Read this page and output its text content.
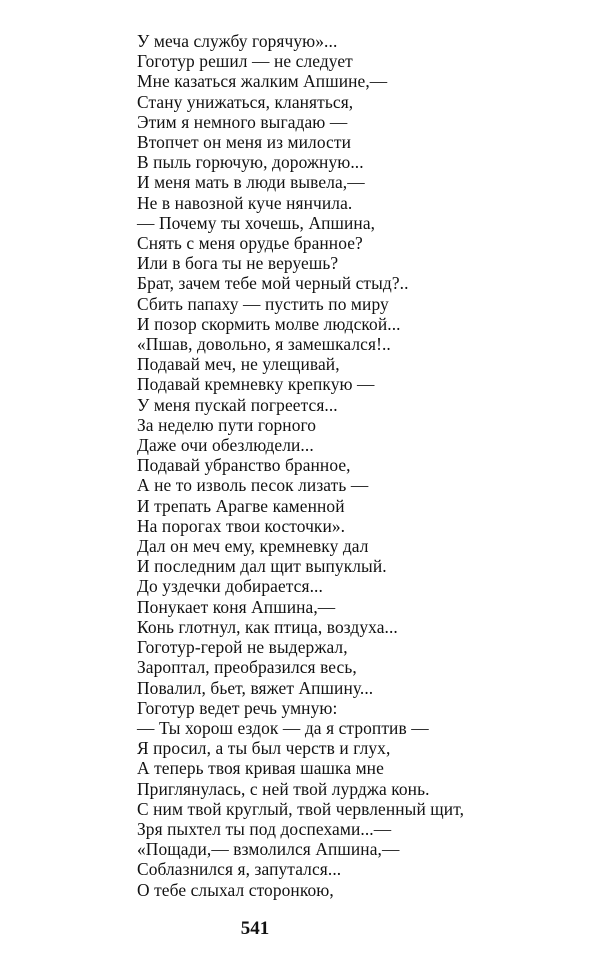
У меча службу горячую»...
Гоготур решил — не следует
Мне казаться жалким Апшине,—
Стану унижаться, кланяться,
Этим я немного выгадаю —
Втопчет он меня из милости
В пыль горючую, дорожную...
И меня мать в люди вывела,—
Не в навозной куче нянчила.
— Почему ты хочешь, Апшина,
Снять с меня орудье бранное?
Или в бога ты не веруешь?
Брат, зачем тебе мой черный стыд?..
Сбить папаху — пустить по миру
И позор скормить молве людской...
«Пшав, довольно, я замешкался!..
Подавай меч, не улещивай,
Подавай кремневку крепкую —
У меня пускай погреется...
За неделю пути горного
Даже очи обезлюдели...
Подавай убранство бранное,
А не то изволь песок лизать —
И трепать Арагве каменной
На порогах твои косточки».
Дал он меч ему, кремневку дал
И последним дал щит выпуклый.
До уздечки добирается...
Понукает коня Апшина,—
Конь глотнул, как птица, воздуха...
Гоготур-герой не выдержал,
Зароптал, преобразился весь,
Повалил, бьет, вяжет Апшину...
Гоготур ведет речь умную:
— Ты хорош ездок — да я строптив —
Я просил, а ты был черств и глух,
А теперь твоя кривая шашка мне
Приглянулась, с ней твой лурджа конь.
С ним твой круглый, твой червленный щит,
Зря пыхтел ты под доспехами...—
«Пощади,— взмолился Апшина,—
Соблазнился я, запутался...
О тебе слыхал сторонкою,
541
